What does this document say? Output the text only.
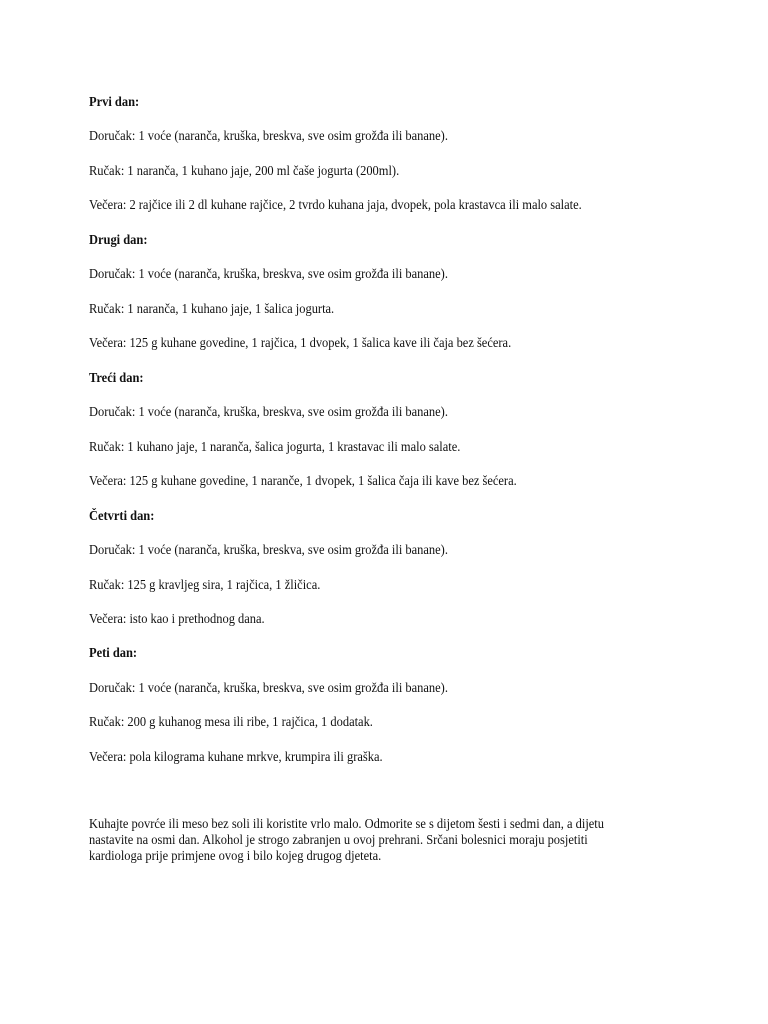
Prvi dan:
Doručak: 1 voće (naranča, kruška, breskva, sve osim grožđa ili banane).
Ručak: 1 naranča, 1 kuhano jaje, 200 ml čaše jogurta (200ml).
Večera: 2 rajčice ili 2 dl kuhane rajčice, 2 tvrdo kuhana jaja, dvopek, pola krastavca ili malo salate.
Drugi dan:
Doručak: 1 voće (naranča, kruška, breskva, sve osim grožđa ili banane).
Ručak: 1 naranča, 1 kuhano jaje, 1 šalica jogurta.
Večera: 125 g kuhane govedine, 1 rajčica, 1 dvopek, 1 šalica kave ili čaja bez šećera.
Treći dan:
Doručak: 1 voće (naranča, kruška, breskva, sve osim grožđa ili banane).
Ručak: 1 kuhano jaje, 1 naranča, šalica jogurta, 1 krastavac ili malo salate.
Večera: 125 g kuhane govedine, 1 naranče, 1 dvopek, 1 šalica čaja ili kave bez šećera.
Četvrti dan:
Doručak: 1 voće (naranča, kruška, breskva, sve osim grožđa ili banane).
Ručak: 125 g kravljeg sira, 1 rajčica, 1 žličica.
Večera: isto kao i prethodnog dana.
Peti dan:
Doručak: 1 voće (naranča, kruška, breskva, sve osim grožđa ili banane).
Ručak: 200 g kuhanog mesa ili ribe, 1 rajčica, 1 dodatak.
Večera: pola kilograma kuhane mrkve, krumpira ili graška.
Kuhajte povrće ili meso bez soli ili koristite vrlo malo. Odmorite se s dijetom šesti i sedmi dan, a dijetu
nastavite na osmi dan. Alkohol je strogo zabranjen u ovoj prehrani. Srčani bolesnici moraju posjetiti
kardiologa prije primjene ovog i bilo kojeg drugog djeteta.
